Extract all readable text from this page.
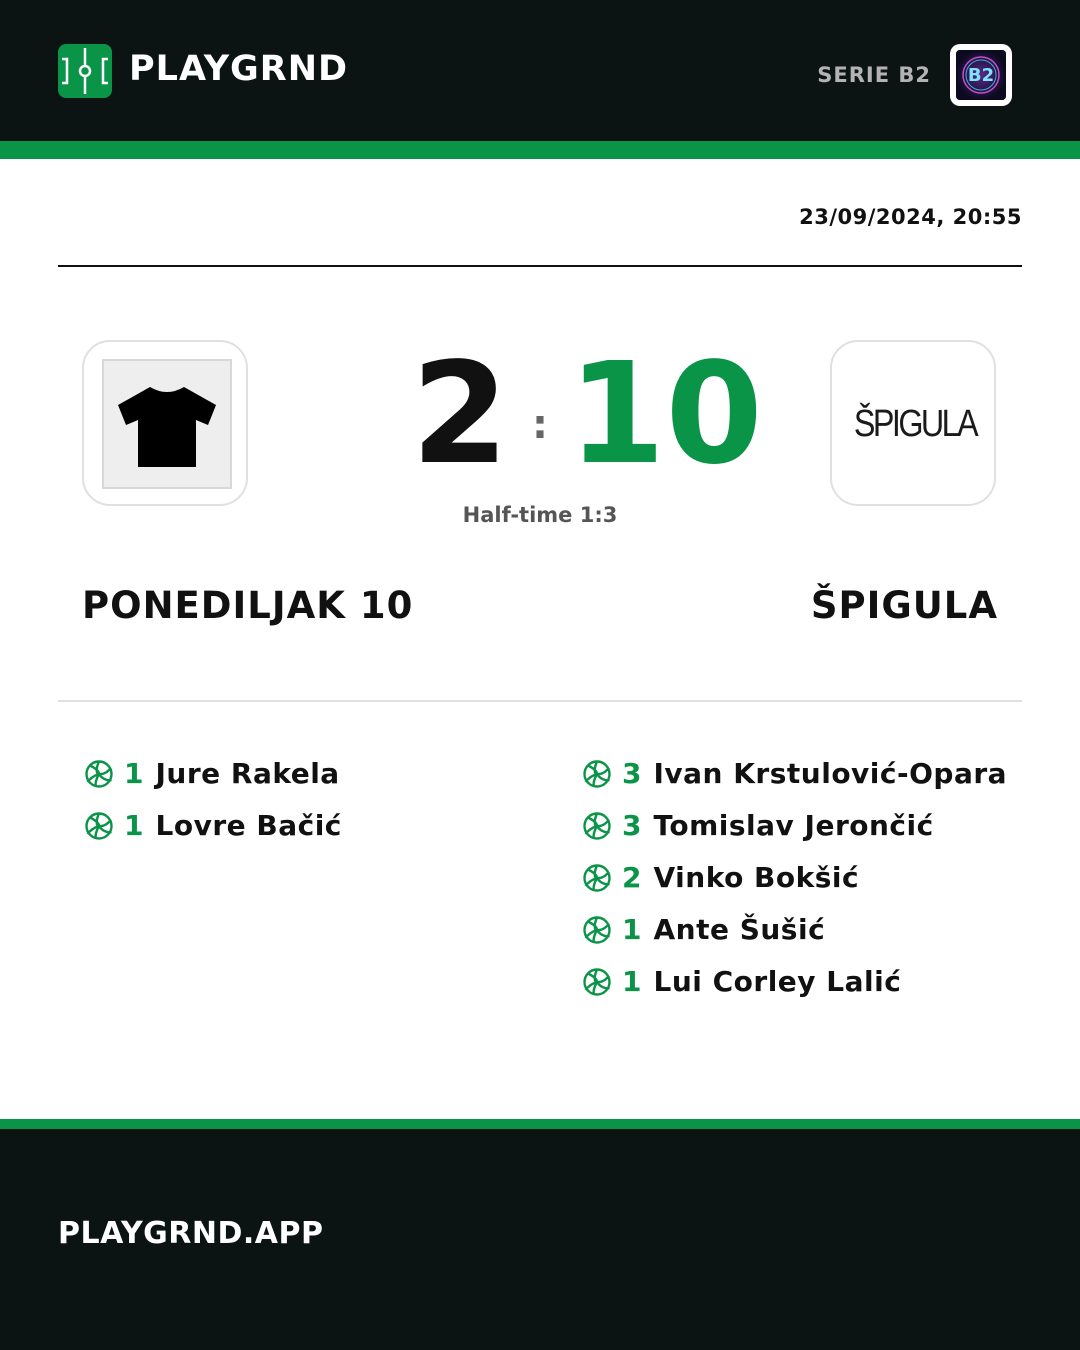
PLAYGRND	SERIE B2 B2
23/09/2024, 20:55
2 : 10
Half-time 1:3
ŠPIGULA
PONEDILJAK 10	ŠPIGULA
1 Jure Rakela
1 Lovre Bačić
3 Ivan Krstulović-Opara
3 Tomislav Jerončić
2 Vinko Bokšić
1 Ante Šušić
1 Lui Corley Lalić
PLAYGRND.APP
